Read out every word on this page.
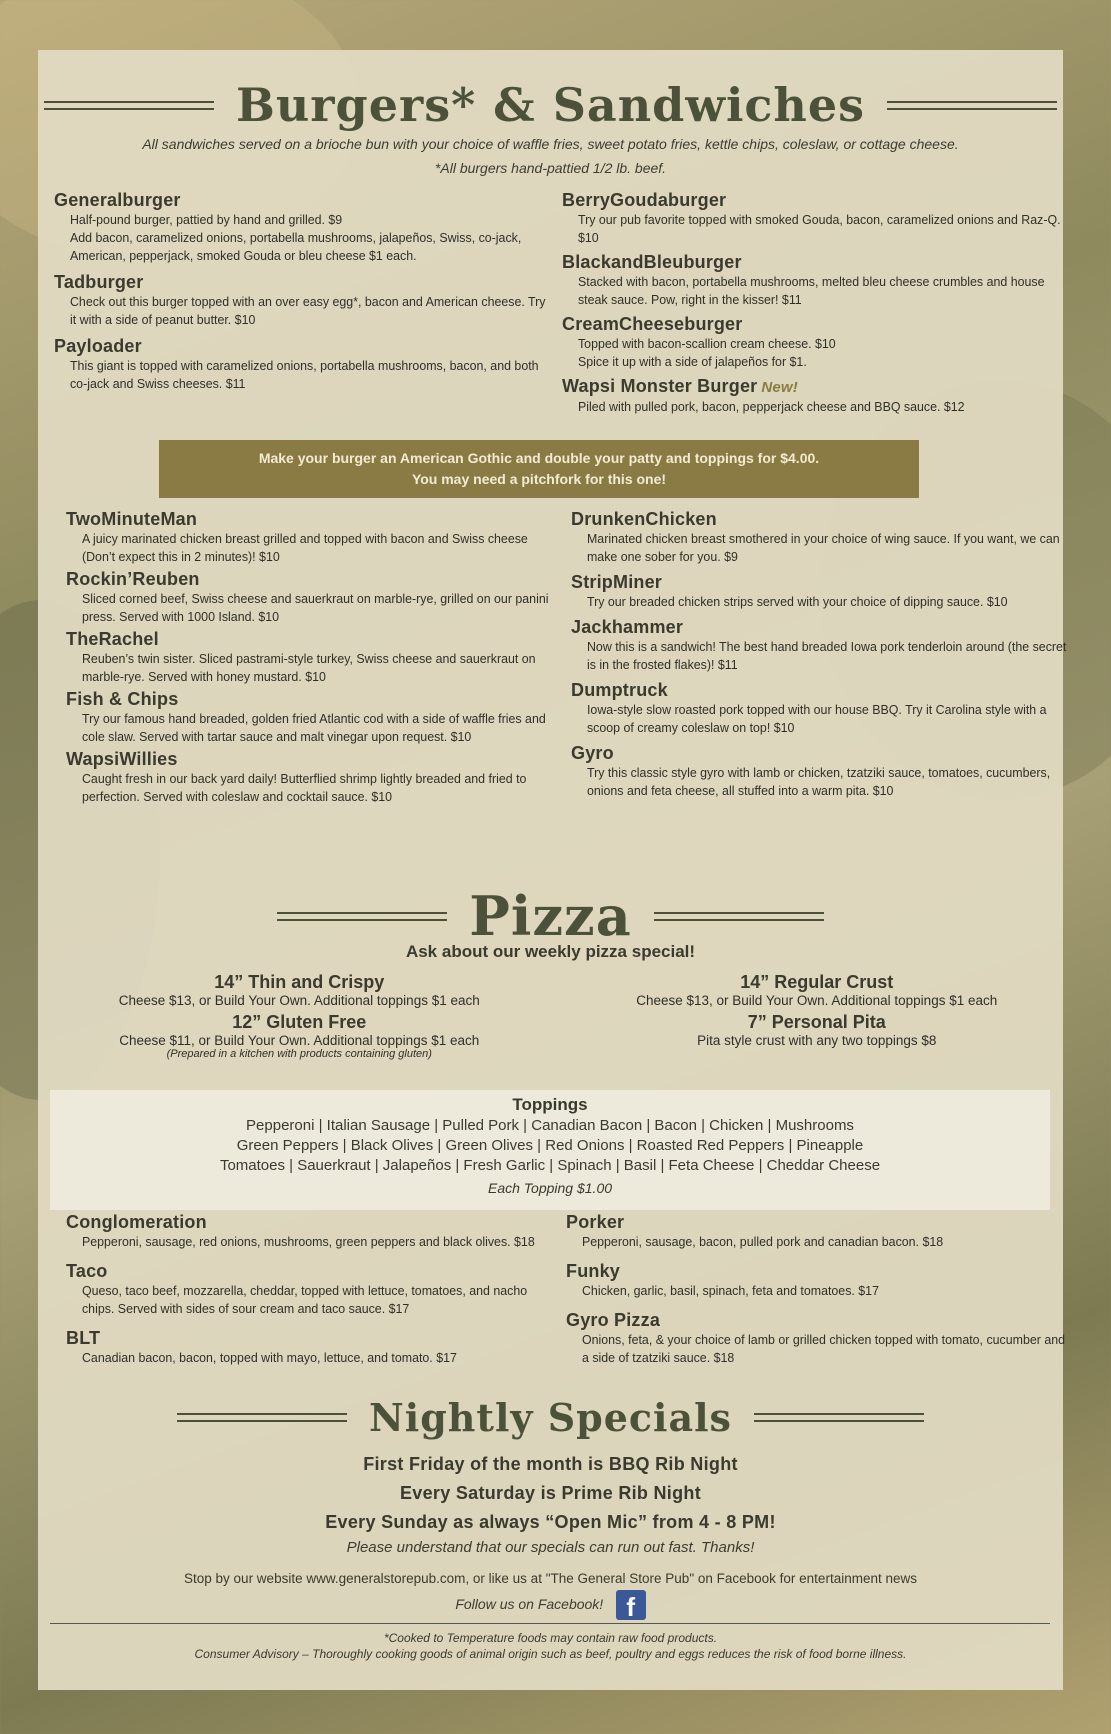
Burgers* & Sandwiches
All sandwiches served on a brioche bun with your choice of waffle fries, sweet potato fries, kettle chips, coleslaw, or cottage cheese.
*All burgers hand-pattied 1/2 lb. beef.
Generalburger
Half-pound burger, pattied by hand and grilled. $9
Add bacon, caramelized onions, portabella mushrooms, jalapeños, Swiss, co-jack, American, pepperjack, smoked Gouda or bleu cheese $1 each.
Tadburger
Check out this burger topped with an over easy egg*, bacon and American cheese. Try it with a side of peanut butter. $10
Payloader
This giant is topped with caramelized onions, portabella mushrooms, bacon, and both co-jack and Swiss cheeses. $11
BerryGoudaburger
Try our pub favorite topped with smoked Gouda, bacon, caramelized onions and Raz-Q. $10
BlackandBleuburger
Stacked with bacon, portabella mushrooms, melted bleu cheese crumbles and house steak sauce. Pow, right in the kisser! $11
CreamCheeseburger
Topped with bacon-scallion cream cheese. $10
Spice it up with a side of jalapeños for $1.
Wapsi Monster Burger New!
Piled with pulled pork, bacon, pepperjack cheese and BBQ sauce. $12
Make your burger an American Gothic and double your patty and toppings for $4.00.
You may need a pitchfork for this one!
TwoMinuteMan
A juicy marinated chicken breast grilled and topped with bacon and Swiss cheese (Don’t expect this in 2 minutes)! $10
Rockin’Reuben
Sliced corned beef, Swiss cheese and sauerkraut on marble-rye, grilled on our panini press. Served with 1000 Island. $10
TheRachel
Reuben’s twin sister. Sliced pastrami-style turkey, Swiss cheese and sauerkraut on marble-rye. Served with honey mustard. $10
Fish & Chips
Try our famous hand breaded, golden fried Atlantic cod with a side of waffle fries and cole slaw. Served with tartar sauce and malt vinegar upon request. $10
WapsiWillies
Caught fresh in our back yard daily! Butterflied shrimp lightly breaded and fried to perfection. Served with coleslaw and cocktail sauce. $10
DrunkenChicken
Marinated chicken breast smothered in your choice of wing sauce. If you want, we can make one sober for you. $9
StripMiner
Try our breaded chicken strips served with your choice of dipping sauce. $10
Jackhammer
Now this is a sandwich! The best hand breaded Iowa pork tenderloin around (the secret is in the frosted flakes)! $11
Dumptruck
Iowa-style slow roasted pork topped with our house BBQ. Try it Carolina style with a scoop of creamy coleslaw on top! $10
Gyro
Try this classic style gyro with lamb or chicken, tzatziki sauce, tomatoes, cucumbers, onions and feta cheese, all stuffed into a warm pita. $10
Pizza
Ask about our weekly pizza special!
14” Thin and Crispy
Cheese $13, or Build Your Own. Additional toppings $1 each
12” Gluten Free
Cheese $11, or Build Your Own. Additional toppings $1 each
(Prepared in a kitchen with products containing gluten)
14” Regular Crust
Cheese $13, or Build Your Own. Additional toppings $1 each
7” Personal Pita
Pita style crust with any two toppings $8
Toppings
Pepperoni | Italian Sausage | Pulled Pork | Canadian Bacon | Bacon | Chicken | Mushrooms
Green Peppers | Black Olives | Green Olives | Red Onions | Roasted Red Peppers | Pineapple
Tomatoes | Sauerkraut | Jalapeños | Fresh Garlic | Spinach | Basil | Feta Cheese | Cheddar Cheese
Each Topping $1.00
Conglomeration
Pepperoni, sausage, red onions, mushrooms, green peppers and black olives. $18
Taco
Queso, taco beef, mozzarella, cheddar, topped with lettuce, tomatoes, and nacho chips. Served with sides of sour cream and taco sauce. $17
BLT
Canadian bacon, bacon, topped with mayo, lettuce, and tomato. $17
Porker
Pepperoni, sausage, bacon, pulled pork and canadian bacon. $18
Funky
Chicken, garlic, basil, spinach, feta and tomatoes. $17
Gyro Pizza
Onions, feta, & your choice of lamb or grilled chicken topped with tomato, cucumber and a side of tzatziki sauce. $18
Nightly Specials
First Friday of the month is BBQ Rib Night
Every Saturday is Prime Rib Night
Every Sunday as always “Open Mic” from 4 - 8 PM!
Please understand that our specials can run out fast. Thanks!
Stop by our website www.generalstorepub.com, or like us at "The General Store Pub" on Facebook for entertainment news
Follow us on Facebook! f
*Cooked to Temperature foods may contain raw food products.
Consumer Advisory – Thoroughly cooking goods of animal origin such as beef, poultry and eggs reduces the risk of food borne illness.
